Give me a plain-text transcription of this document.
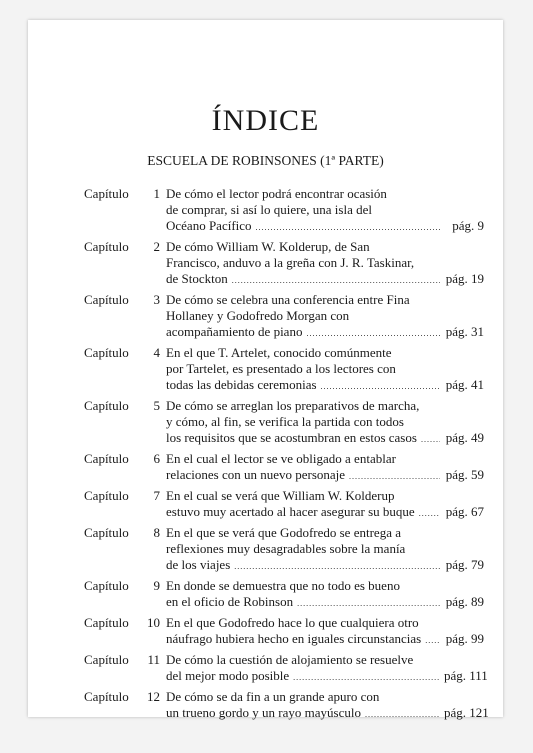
ÍNDICE
ESCUELA DE ROBINSONES (1ª PARTE)
Capítulo	1 De cómo el lector podrá encontrar ocasión
de comprar, si así lo quiere, una isla del
Océano Pacífico . . .	pág. 9
Capítulo	2 De cómo William W. Kolderup, de San
Francisco, anduvo a la greña con J. R. Taskinar,
de Stockton . . .	pág. 19
Capítulo	3 De cómo se celebra una conferencia entre Fina
Hollaney y Godofredo Morgan con
acompañamiento de piano . . .	pág. 31
Capítulo	4 En el que T. Artelet, conocido comúnmente
por Tartelet, es presentado a los lectores con
todas las debidas ceremonias . . .	pág. 41
Capítulo	5 De cómo se arreglan los preparativos de marcha,
y cómo, al fin, se verifica la partida con todos
los requisitos que se acostumbran en estos casos . . . pág. 49
Capítulo	6 En el cual el lector se ve obligado a entablar
relaciones con un nuevo personaje . . .	pág. 59
Capítulo	7 En el cual se verá que William W. Kolderup
estuvo muy acertado al hacer asegurar su buque . . . pág. 67
Capítulo	8 En el que se verá que Godofredo se entrega a
reflexiones muy desagradables sobre la manía
de los viajes . . .	pág. 79
Capítulo	9 En donde se demuestra que no todo es bueno
en el oficio de Robinson . . .	pág. 89
Capítulo	10 En el que Godofredo hace lo que cualquiera otro
náufrago hubiera hecho en iguales circunstancias . . . pág. 99
Capítulo	11 De cómo la cuestión de alojamiento se resuelve
del mejor modo posible . . .	pág. 111
Capítulo	12 De cómo se da fin a un grande apuro con
un trueno gordo y un rayo mayúsculo . . .	pág. 121
